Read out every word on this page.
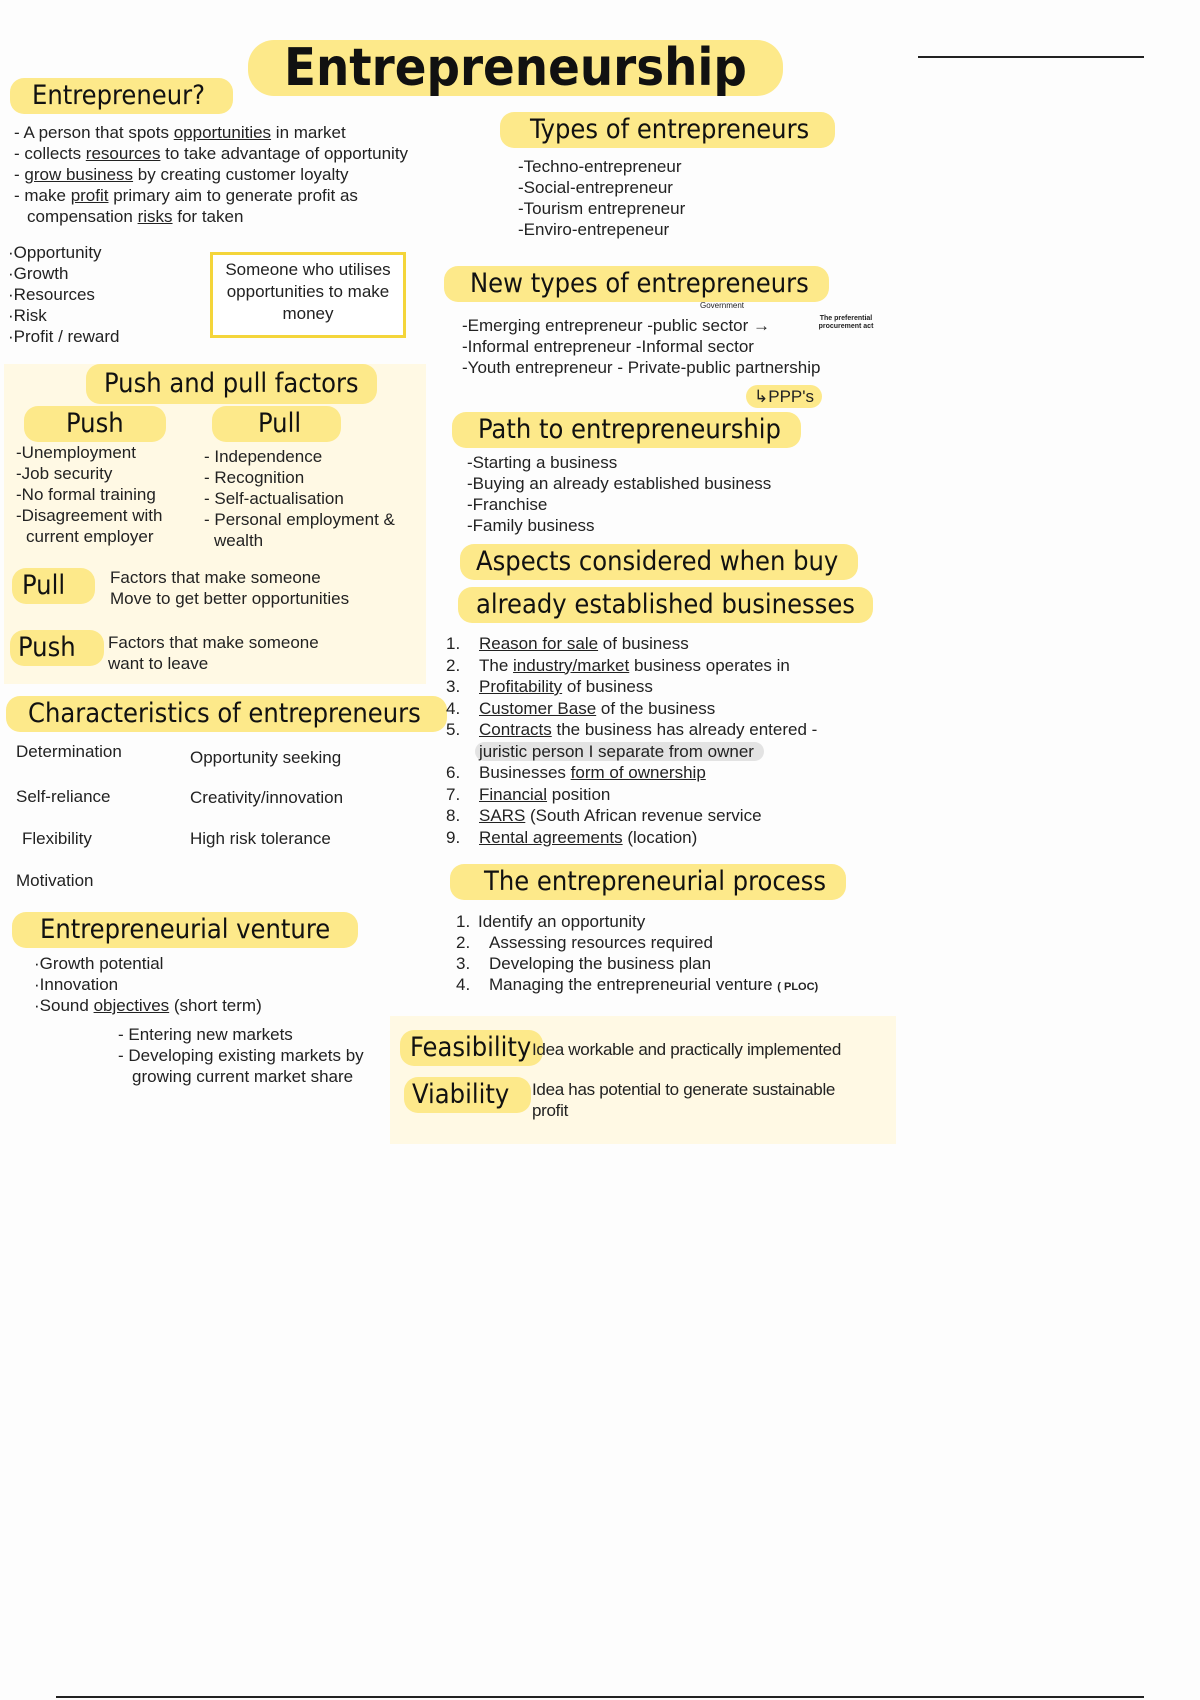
Entrepreneurship
Entrepreneur?
- A person that spots opportunities in market
- collects resources to take advantage of opportunity
- grow business by creating customer loyalty
- make profit primary aim to generate profit as
compensation risks for taken
·Opportunity
·Growth
·Resources
·Risk
·Profit / reward
Someone who utilises opportunities to make money
Push and pull factors
Push	Pull
-Unemployment
-Job security
-No formal training
-Disagreement with
current employer
- Independence
- Recognition
- Self-actualisation
- Personal employment &
wealth
Pull	Factors that make someone
Move to get better opportunities
Push	Factors that make someone
want to leave
Characteristics of entrepreneurs
Determination
Self-reliance
Flexibility
Motivation
Opportunity seeking
Creativity/innovation
High risk tolerance
Entrepreneurial venture
·Growth potential
·Innovation
·Sound objectives (short term)
- Entering new markets
- Developing existing markets by
growing current market share
Types of entrepreneurs
-Techno-entrepreneur
-Social-entrepreneur
-Tourism entrepreneur
-Enviro-entrepeneur
New types of entrepreneurs
Government
The preferential procurement act
-Emerging entrepreneur -public sector →
-Informal entrepreneur -Informal sector
-Youth entrepreneur - Private-public partnership
↳PPP's
Path to entrepreneurship
-Starting a business
-Buying an already established business
-Franchise
-Family business
Aspects considered when buy
already established businesses
1. Reason for sale of business
2. The industry/market business operates in
3. Profitability of business
4. Customer Base of the business
5. Contracts the business has already entered -
juristic person I separate from owner
6. Businesses form of ownership
7. Financial position
8. SARS (South African revenue service
9. Rental agreements (location)
The entrepreneurial process
1. Identify an opportunity
2. Assessing resources required
3. Developing the business plan
4. Managing the entrepreneurial venture ( PLOC)
Feasibility Idea workable and practically implemented
Viability	Idea has potential to generate sustainable
profit
